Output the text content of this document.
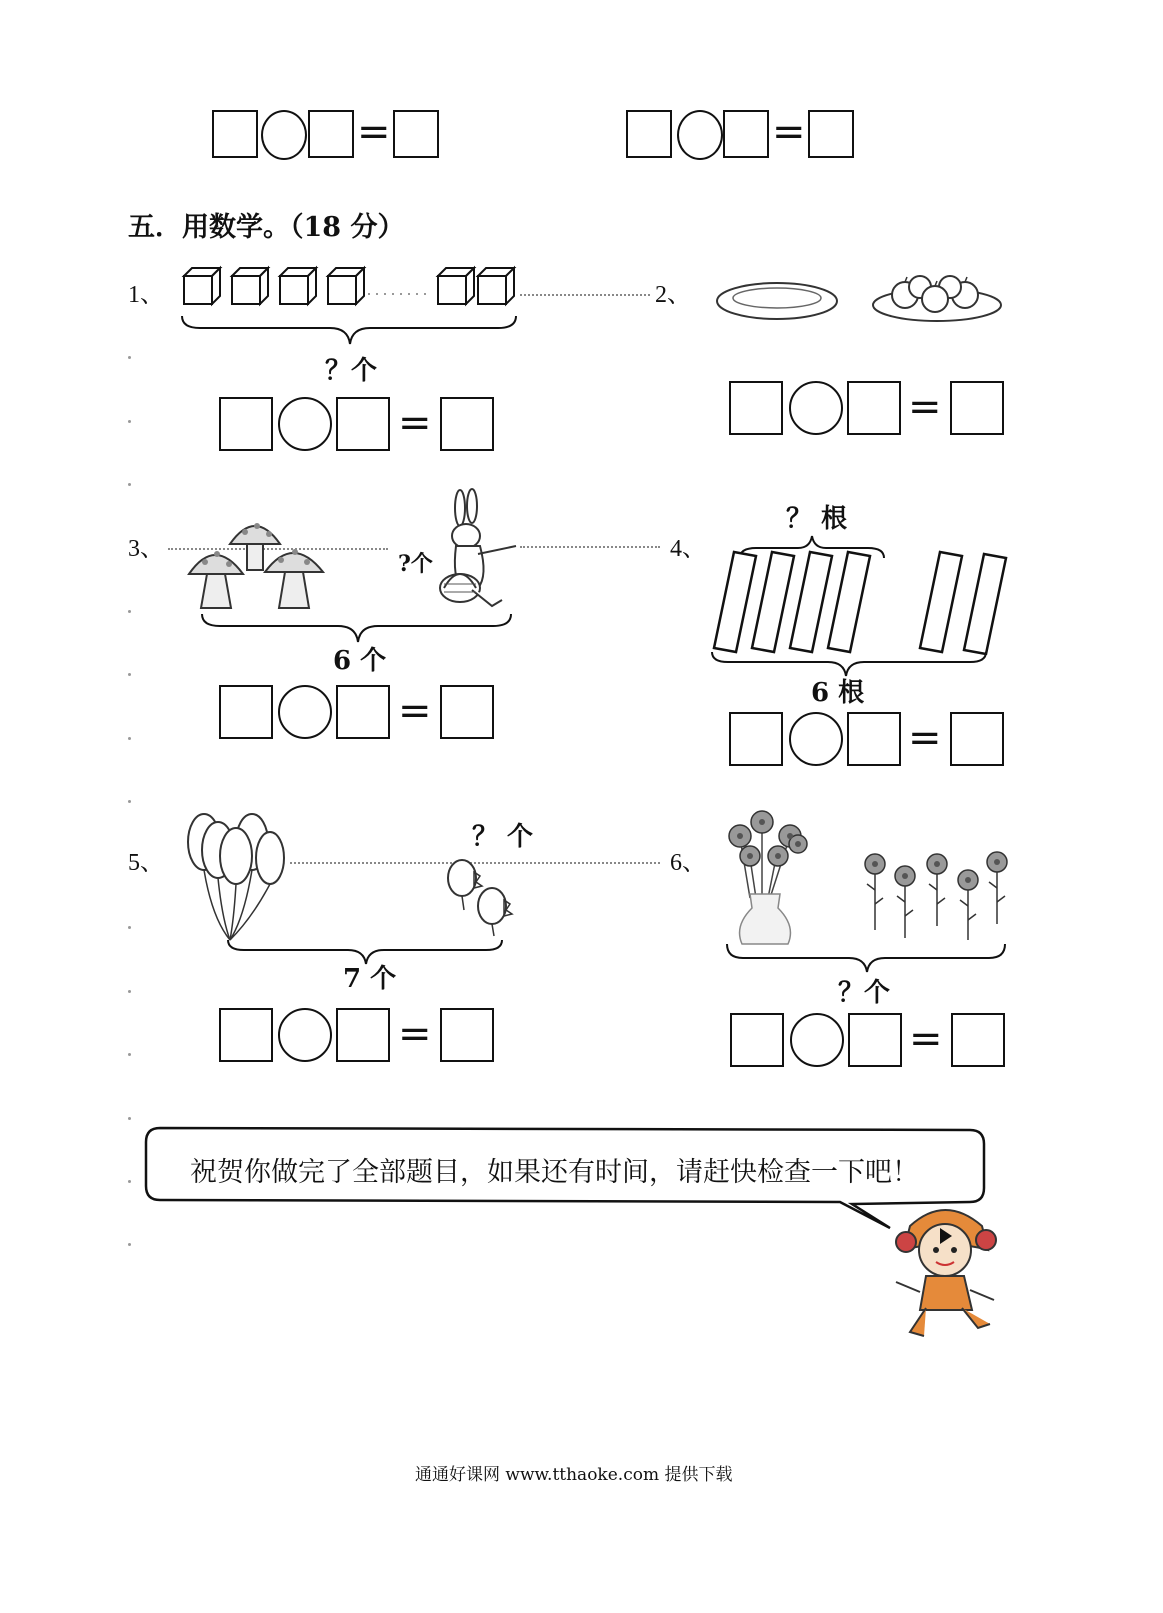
=	=
五．用数学。（18 分）
1、
？个
=
2、
=
3、
?个
6 个
=
4、
？ 根
6 根
=
5、
？ 个
7 个
=
6、
？个
=
祝贺你做完了全部题目，如果还有时间，请赶快检查一下吧！
通通好课网 www.tthaoke.com 提供下载
